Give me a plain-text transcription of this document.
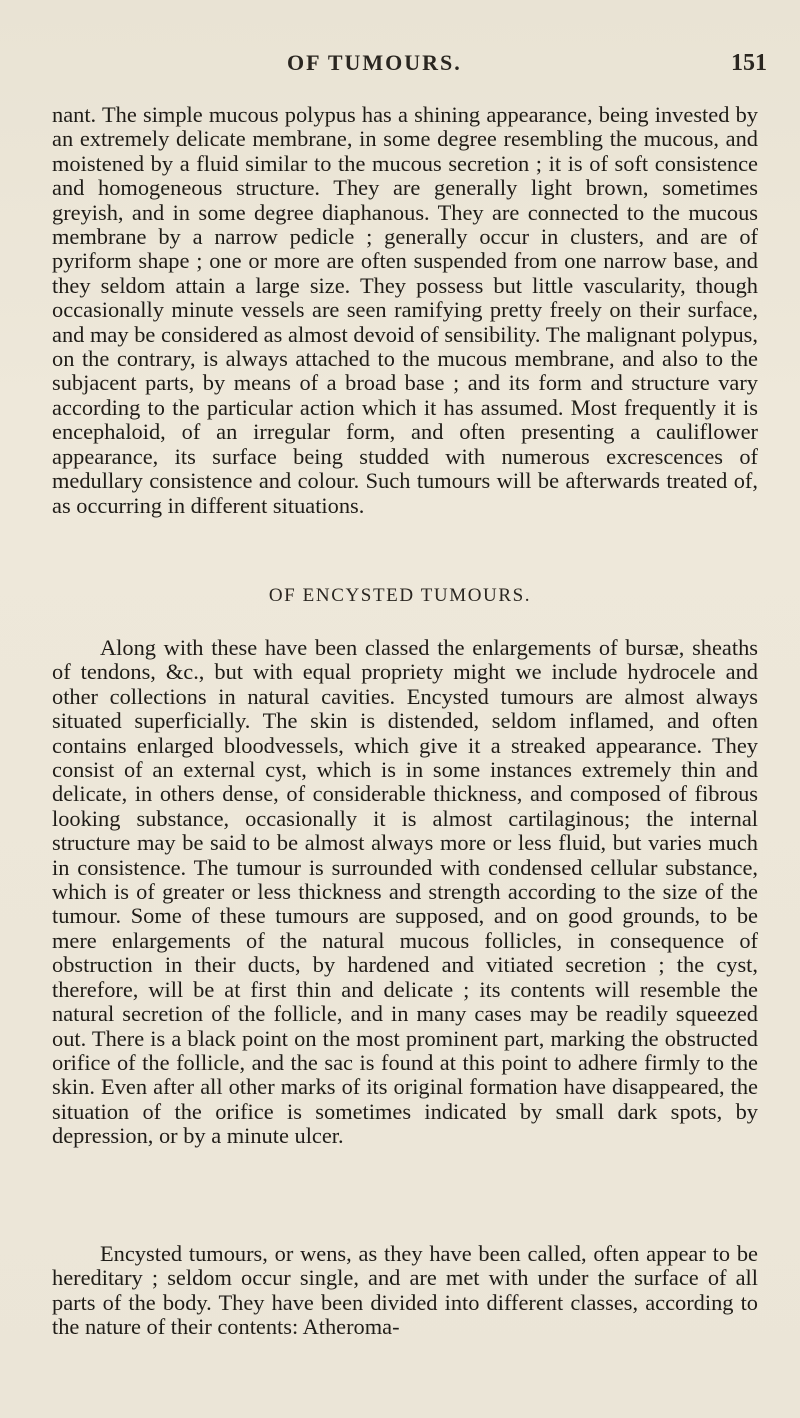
OF TUMOURS.	151

nant. The simple mucous polypus has a shining appearance, being invested by an extremely delicate membrane, in some degree resembling the mucous, and moistened by a fluid similar to the mucous secretion ; it is of soft consistence and homogeneous structure. They are generally light brown, sometimes greyish, and in some degree diaphanous. They are connected to the mucous membrane by a narrow pedicle ; generally occur in clusters, and are of pyriform shape ; one or more are often suspended from one narrow base, and they seldom attain a large size. They possess but little vascularity, though occasionally minute vessels are seen ramifying pretty freely on their surface, and may be considered as almost devoid of sensibility. The malignant polypus, on the contrary, is always attached to the mucous membrane, and also to the subjacent parts, by means of a broad base ; and its form and structure vary according to the particular action which it has assumed. Most frequently it is encephaloid, of an irregular form, and often presenting a cauliflower appearance, its surface being studded with numerous excrescences of medullary consistence and colour. Such tumours will be afterwards treated of, as occurring in different situations.

OF ENCYSTED TUMOURS.

Along with these have been classed the enlargements of bursæ, sheaths of tendons, &c., but with equal propriety might we include hydrocele and other collections in natural cavities. Encysted tumours are almost always situated superficially. The skin is distended, seldom inflamed, and often contains enlarged bloodvessels, which give it a streaked appearance. They consist of an external cyst, which is in some instances extremely thin and delicate, in others dense, of considerable thickness, and composed of fibrous looking substance, occasionally it is almost cartilaginous; the internal structure may be said to be almost always more or less fluid, but varies much in consistence. The tumour is surrounded with condensed cellular substance, which is of greater or less thickness and strength according to the size of the tumour. Some of these tumours are supposed, and on good grounds, to be mere enlargements of the natural mucous follicles, in consequence of obstruction in their ducts, by hardened and vitiated secretion ; the cyst, therefore, will be at first thin and delicate ; its contents will resemble the natural secretion of the follicle, and in many cases may be readily squeezed out. There is a black point on the most prominent part, marking the obstructed orifice of the follicle, and the sac is found at this point to adhere firmly to the skin. Even after all other marks of its original formation have disappeared, the situation of the orifice is sometimes indicated by small dark spots, by depression, or by a minute ulcer.

Encysted tumours, or wens, as they have been called, often appear to be hereditary ; seldom occur single, and are met with under the surface of all parts of the body. They have been divided into different classes, according to the nature of their contents: Atheroma-
